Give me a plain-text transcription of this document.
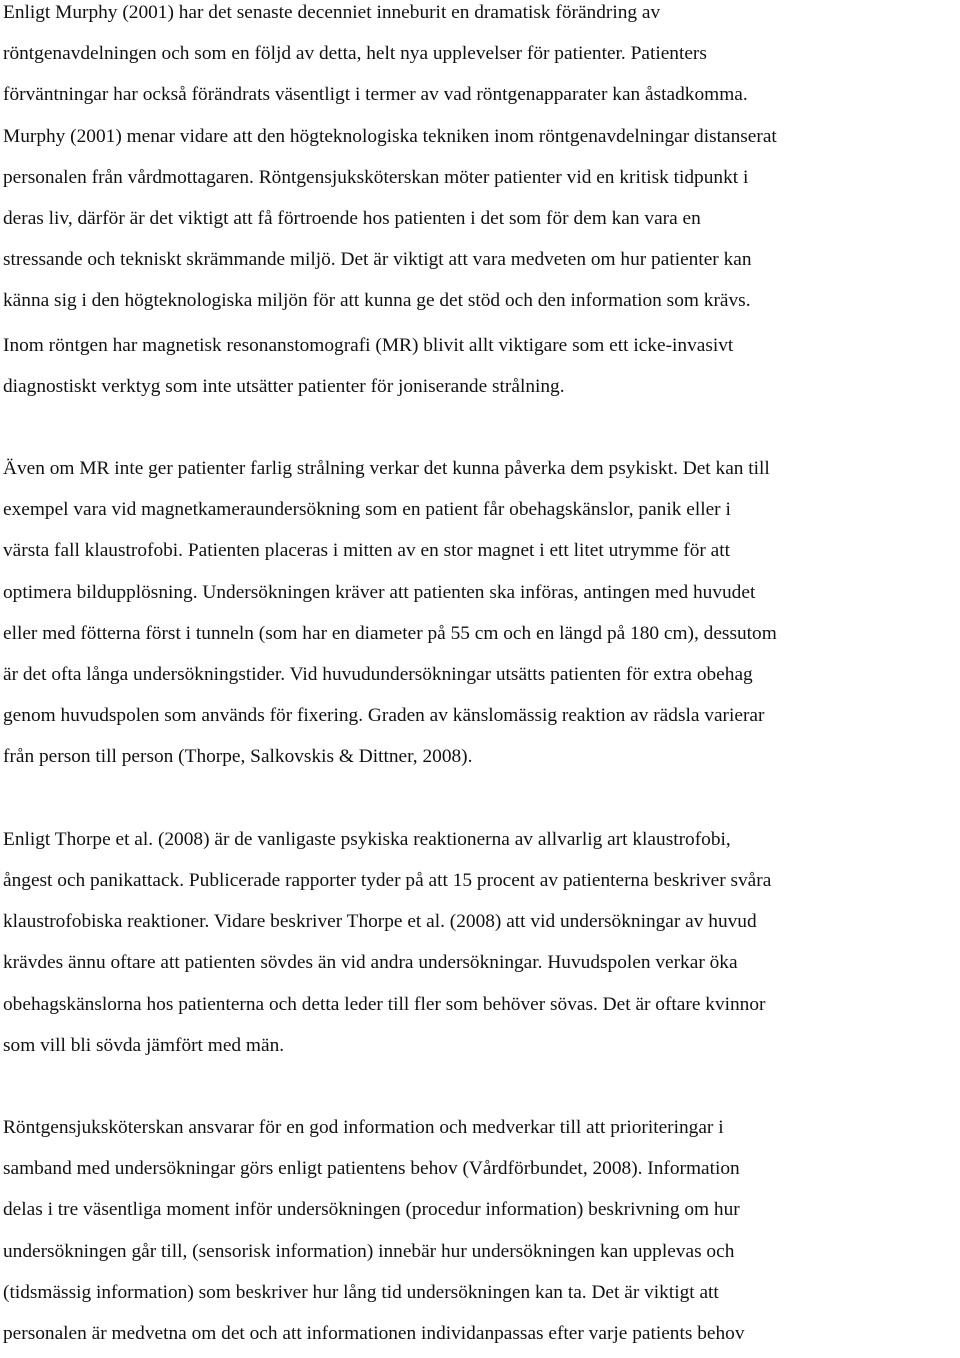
Enligt Murphy (2001) har det senaste decenniet inneburit en dramatisk förändring av
röntgenavdelningen och som en följd av detta, helt nya upplevelser för patienter. Patienters
förväntningar har också förändrats väsentligt i termer av vad röntgenapparater kan åstadkomma.
Murphy (2001) menar vidare att den högteknologiska tekniken inom röntgenavdelningar distanserat
personalen från vårdmottagaren. Röntgensjuksköterskan möter patienter vid en kritisk tidpunkt i
deras liv, därför är det viktigt att få förtroende hos patienten i det som för dem kan vara en
stressande och tekniskt skrämmande miljö. Det är viktigt att vara medveten om hur patienter kan
känna sig i den högteknologiska miljön för att kunna ge det stöd och den information som krävs.
Inom röntgen har magnetisk resonanstomografi (MR) blivit allt viktigare som ett icke-invasivt
diagnostiskt verktyg som inte utsätter patienter för joniserande strålning.
Även om MR inte ger patienter farlig strålning verkar det kunna påverka dem psykiskt. Det kan till
exempel vara vid magnetkameraundersökning som en patient får obehagskänslor, panik eller i
värsta fall klaustrofobi. Patienten placeras i mitten av en stor magnet i ett litet utrymme för att
optimera bildupplösning. Undersökningen kräver att patienten ska införas, antingen med huvudet
eller med fötterna först i tunneln (som har en diameter på 55 cm och en längd på 180 cm), dessutom
är det ofta långa undersökningstider. Vid huvudundersökningar utsätts patienten för extra obehag
genom huvudspolen som används för fixering. Graden av känslomässig reaktion av rädsla varierar
från person till person (Thorpe, Salkovskis & Dittner, 2008).
Enligt Thorpe et al. (2008) är de vanligaste psykiska reaktionerna av allvarlig art klaustrofobi,
ångest och panikattack. Publicerade rapporter tyder på att 15 procent av patienterna beskriver svåra
klaustrofobiska reaktioner. Vidare beskriver Thorpe et al. (2008) att vid undersökningar av huvud
krävdes ännu oftare att patienten sövdes än vid andra undersökningar. Huvudspolen verkar öka
obehagskänslorna hos patienterna och detta leder till fler som behöver sövas. Det är oftare kvinnor
som vill bli sövda jämfört med män.
Röntgensjuksköterskan ansvarar för en god information och medverkar till att prioriteringar i
samband med undersökningar görs enligt patientens behov (Vårdförbundet, 2008). Information
delas i tre väsentliga moment inför undersökningen (procedur information) beskrivning om hur
undersökningen går till, (sensorisk information) innebär hur undersökningen kan upplevas och
(tidsmässig information) som beskriver hur lång tid undersökningen kan ta. Det är viktigt att
personalen är medvetna om det och att informationen individanpassas efter varje patients behov
